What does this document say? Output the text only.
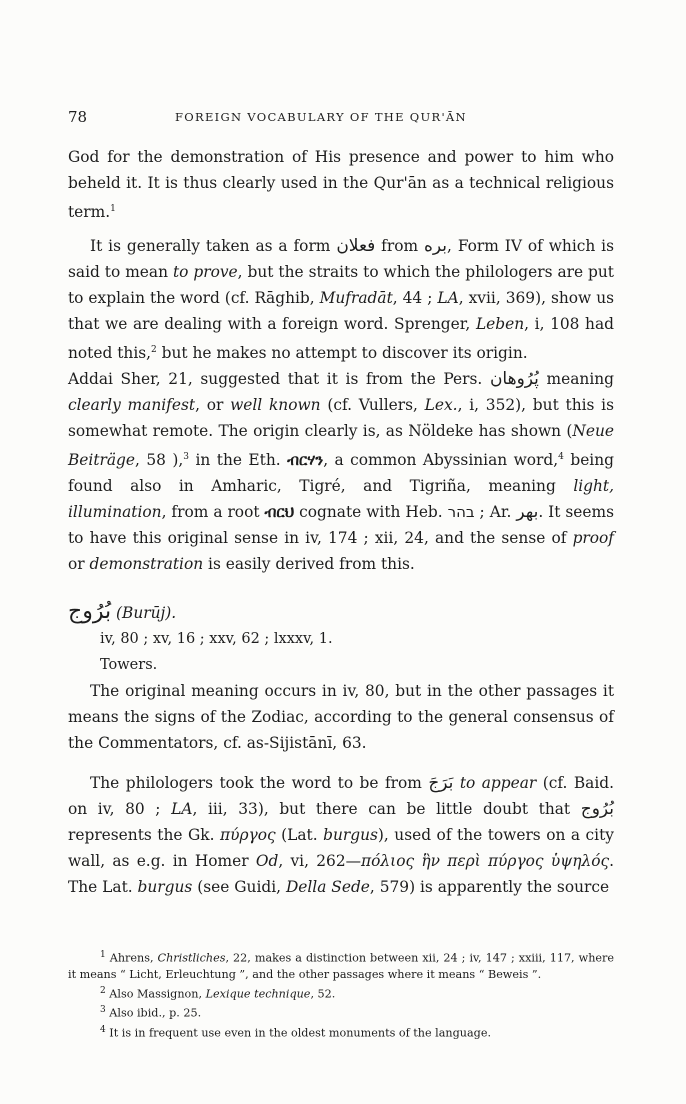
78	FOREIGN VOCABULARY OF THE QUR'ĀN

God for the demonstration of His presence and power to him who beheld it. It is thus clearly used in the Qur'ān as a technical religious term.$^1$

It is generally taken as a form فعلان from بره, Form IV of which is said to mean to prove, but the straits to which the philologers are put to explain the word (cf. Rāghib, Mufradāt, 44 ; LA, xvii, 369), show us that we are dealing with a foreign word. Sprenger, Leben, i, 108 had noted this,$^2$ but he makes no attempt to discover its origin.

Addai Sher, 21, suggested that it is from the Pers. پُرُوهان meaning clearly manifest, or well known (cf. Vullers, Lex., i, 352), but this is somewhat remote. The origin clearly is, as Nöldeke has shown (Neue Beiträge, 58 ),$^3$ in the Eth. ብርሃን, a common Abyssinian word,$^4$ being found also in Amharic, Tigré, and Tigriña, meaning light, illumination, from a root ብርህ cognate with Heb. בהר ; Ar. بهر. It seems to have this original sense in iv, 174 ; xii, 24, and the sense of proof or demonstration is easily derived from this.

بُرُوج (Burūj).
iv, 80 ; xv, 16 ; xxv, 62 ; lxxxv, 1.
Towers.

The original meaning occurs in iv, 80, but in the other passages it means the signs of the Zodiac, according to the general consensus of the Commentators, cf. as-Sijistānī, 63.

The philologers took the word to be from بَرَجَ to appear (cf. Baid. on iv, 80 ; LA, iii, 33), but there can be little doubt that بُرُوج represents the Gk. πύργος (Lat. burgus), used of the towers on a city wall, as e.g. in Homer Od, vi, 262—πόλιος ἣν περὶ πύργος ὑψηλός. The Lat. burgus (see Guidi, Della Sede, 579) is apparently the source

$^1$ Ahrens, Christliches, 22, makes a distinction between xii, 24 ; iv, 147 ; xxiii, 117, where it means “ Licht, Erleuchtung ”, and the other passages where it means “ Beweis ”.
$^2$ Also Massignon, Lexique technique, 52.
$^3$ Also ibid., p. 25.
$^4$ It is in frequent use even in the oldest monuments of the language.
